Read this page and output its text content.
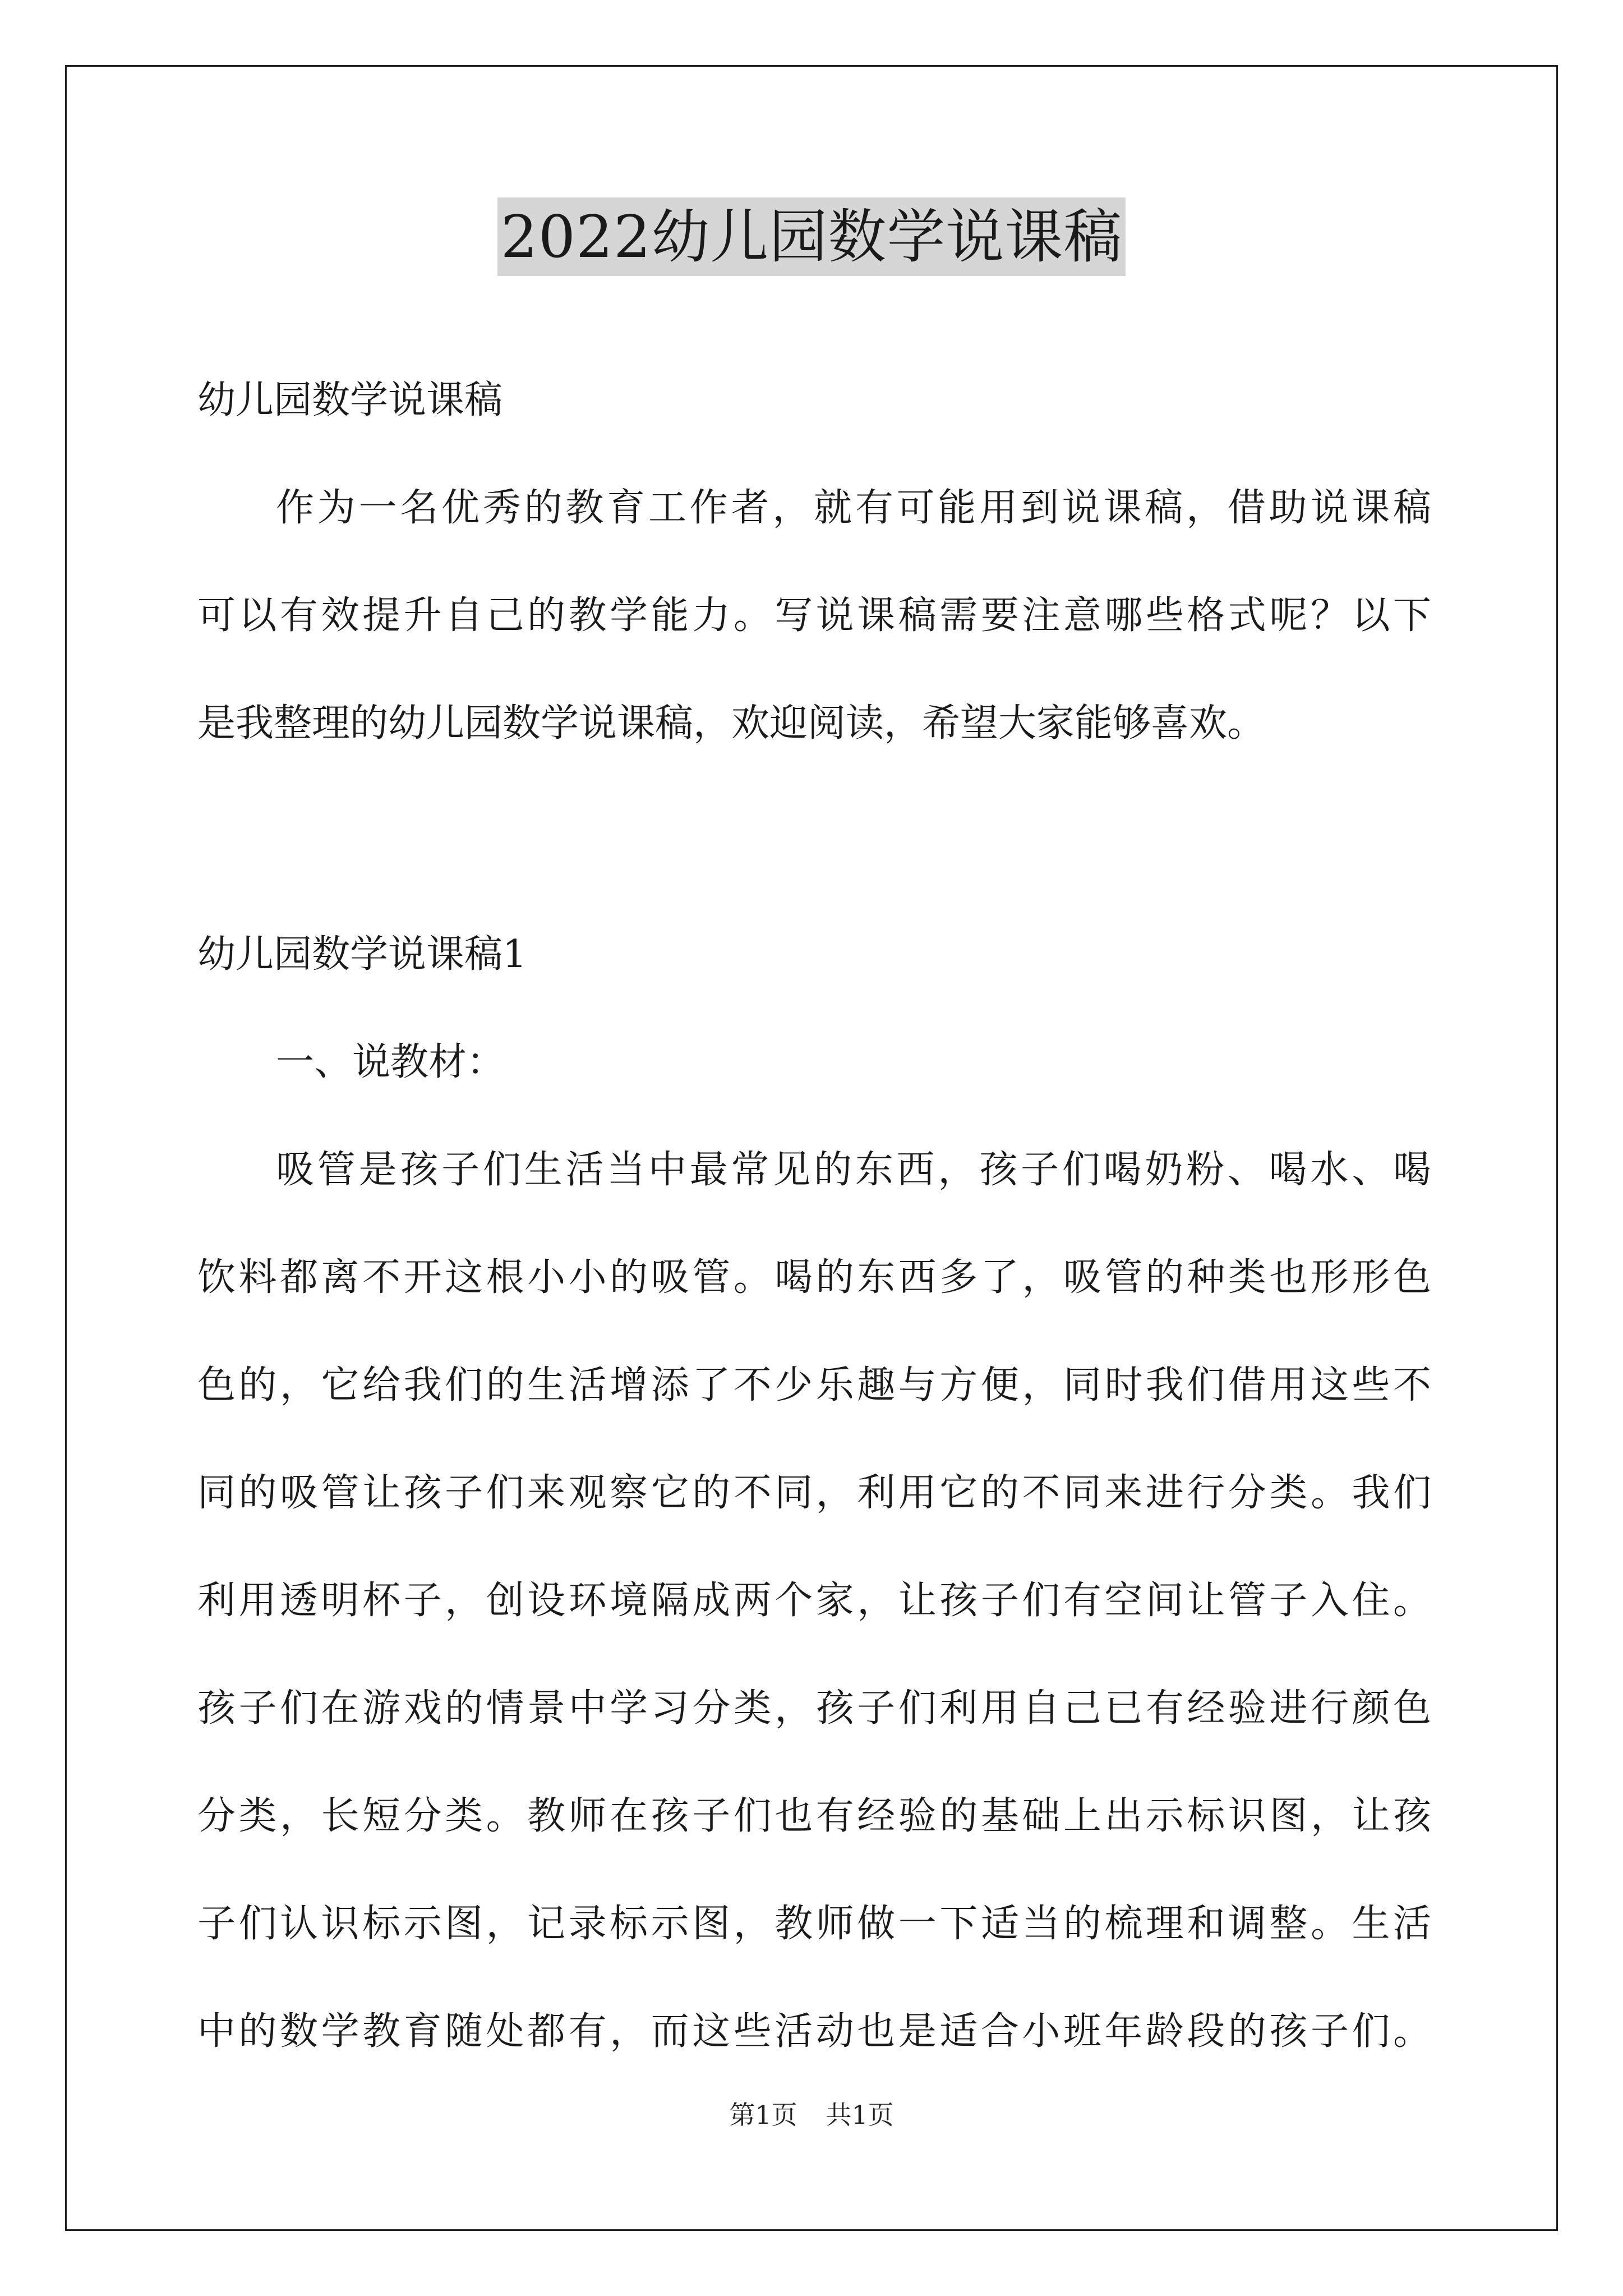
2022幼儿园数学说课稿
幼儿园数学说课稿
作为一名优秀的教育工作者，就有可能用到说课稿，借助说课稿
可以有效提升自己的教学能力。写说课稿需要注意哪些格式呢？以下
是我整理的幼儿园数学说课稿，欢迎阅读，希望大家能够喜欢。
幼儿园数学说课稿1
一、说教材：
吸管是孩子们生活当中最常见的东西，孩子们喝奶粉、喝水、喝
饮料都离不开这根小小的吸管。喝的东西多了，吸管的种类也形形色
色的，它给我们的生活增添了不少乐趣与方便，同时我们借用这些不
同的吸管让孩子们来观察它的不同，利用它的不同来进行分类。我们
利用透明杯子，创设环境隔成两个家，让孩子们有空间让管子入住。
孩子们在游戏的情景中学习分类，孩子们利用自己已有经验进行颜色
分类，长短分类。教师在孩子们也有经验的基础上出示标识图，让孩
子们认识标示图，记录标示图，教师做一下适当的梳理和调整。生活
中的数学教育随处都有，而这些活动也是适合小班年龄段的孩子们。
第1页 共1页
